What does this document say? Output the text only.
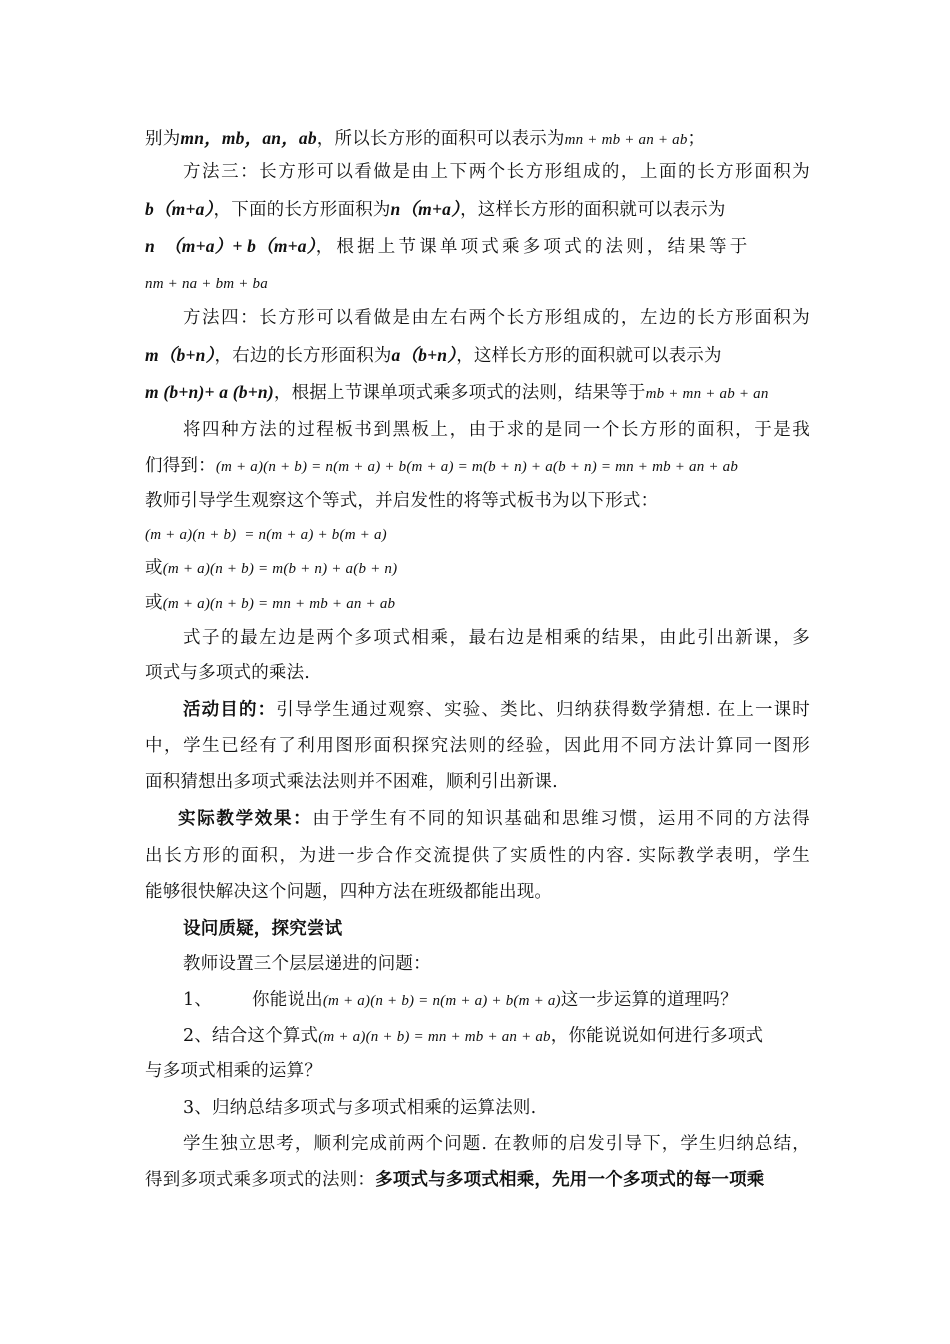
别为mn，mb，an，ab，所以长方形的面积可以表示为mn + mb + an + ab；
方法三：长方形可以看做是由上下两个长方形组成的，上面的长方形面积为
b（m+a），下面的长方形面积为n（m+a），这样长方形的面积就可以表示为
n  （m+a）+ b（m+a），根据上节课单项式乘多项式的法则，结果等于
nm + na + bm + ba
方法四：长方形可以看做是由左右两个长方形组成的，左边的长方形面积为
m（b+n），右边的长方形面积为a（b+n），这样长方形的面积就可以表示为
m (b+n)+ a (b+n)，根据上节课单项式乘多项式的法则，结果等于mb + mn + ab + an
将四种方法的过程板书到黑板上，由于求的是同一个长方形的面积，于是我
们得到：(m + a)(n + b) = n(m + a) + b(m + a) = m(b + n) + a(b + n) = mn + mb + an + ab
教师引导学生观察这个等式，并启发性的将等式板书为以下形式：
(m + a)(n + b)  = n(m + a) + b(m + a)
或(m + a)(n + b) = m(b + n) + a(b + n)
或(m + a)(n + b) = mn + mb + an + ab
式子的最左边是两个多项式相乘，最右边是相乘的结果，由此引出新课，多
项式与多项式的乘法.
活动目的：引导学生通过观察、实验、类比、归纳获得数学猜想. 在上一课时
中，学生已经有了利用图形面积探究法则的经验，因此用不同方法计算同一图形
面积猜想出多项式乘法法则并不困难，顺利引出新课.
实际教学效果：由于学生有不同的知识基础和思维习惯，运用不同的方法得
出长方形的面积，为进一步合作交流提供了实质性的内容. 实际教学表明，学生
能够很快解决这个问题，四种方法在班级都能出现。
设问质疑，探究尝试
教师设置三个层层递进的问题：
1、 你能说出(m + a)(n + b) = n(m + a) + b(m + a)这一步运算的道理吗？
2、结合这个算式(m + a)(n + b) = mn + mb + an + ab，你能说说如何进行多项式
与多项式相乘的运算？
3、归纳总结多项式与多项式相乘的运算法则.
学生独立思考，顺利完成前两个问题. 在教师的启发引导下，学生归纳总结，
得到多项式乘多项式的法则：多项式与多项式相乘，先用一个多项式的每一项乘
